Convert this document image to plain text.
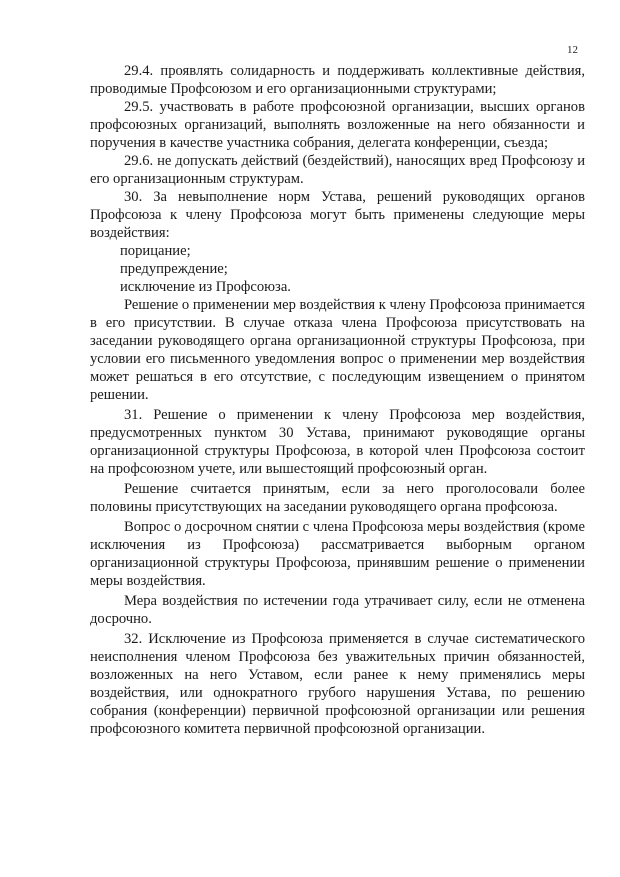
12

29.4. проявлять солидарность и поддерживать коллективные действия, проводимые Профсоюзом и его организационными структурами;

29.5. участвовать в работе профсоюзной организации, высших органов профсоюзных организаций, выполнять возложенные на него обязанности и поручения в качестве участника собрания, делегата конференции, съезда;

29.6. не допускать действий (бездействий), наносящих вред Профсоюзу и его организационным структурам.

30. За невыполнение норм Устава, решений руководящих органов Профсоюза к члену Профсоюза могут быть применены следующие меры воздействия:

порицание;

предупреждение;

исключение из Профсоюза.

Решение о применении мер воздействия к члену Профсоюза принимается в его присутствии. В случае отказа члена Профсоюза присутствовать на заседании руководящего органа организационной структуры Профсоюза, при условии его письменного уведомления вопрос о применении мер воздействия может решаться в его отсутствие, с последующим извещением о принятом решении.

31. Решение о применении к члену Профсоюза мер воздействия, предусмотренных пунктом 30 Устава, принимают руководящие органы организационной структуры Профсоюза, в которой член Профсоюза состоит на профсоюзном учете, или вышестоящий профсоюзный орган.

Решение считается принятым, если за него проголосовали более половины присутствующих на заседании руководящего органа профсоюза.

Вопрос о досрочном снятии с члена Профсоюза меры воздействия (кроме исключения из Профсоюза) рассматривается выборным органом организационной структуры Профсоюза, принявшим решение о применении меры воздействия.

Мера воздействия по истечении года утрачивает силу, если не отменена досрочно.

32. Исключение из Профсоюза применяется в случае систематического неисполнения членом Профсоюза без уважительных причин обязанностей, возложенных на него Уставом, если ранее к нему применялись меры воздействия, или однократного грубого нарушения Устава, по решению собрания (конференции) первичной профсоюзной организации или решения профсоюзного комитета первичной профсоюзной организации.
